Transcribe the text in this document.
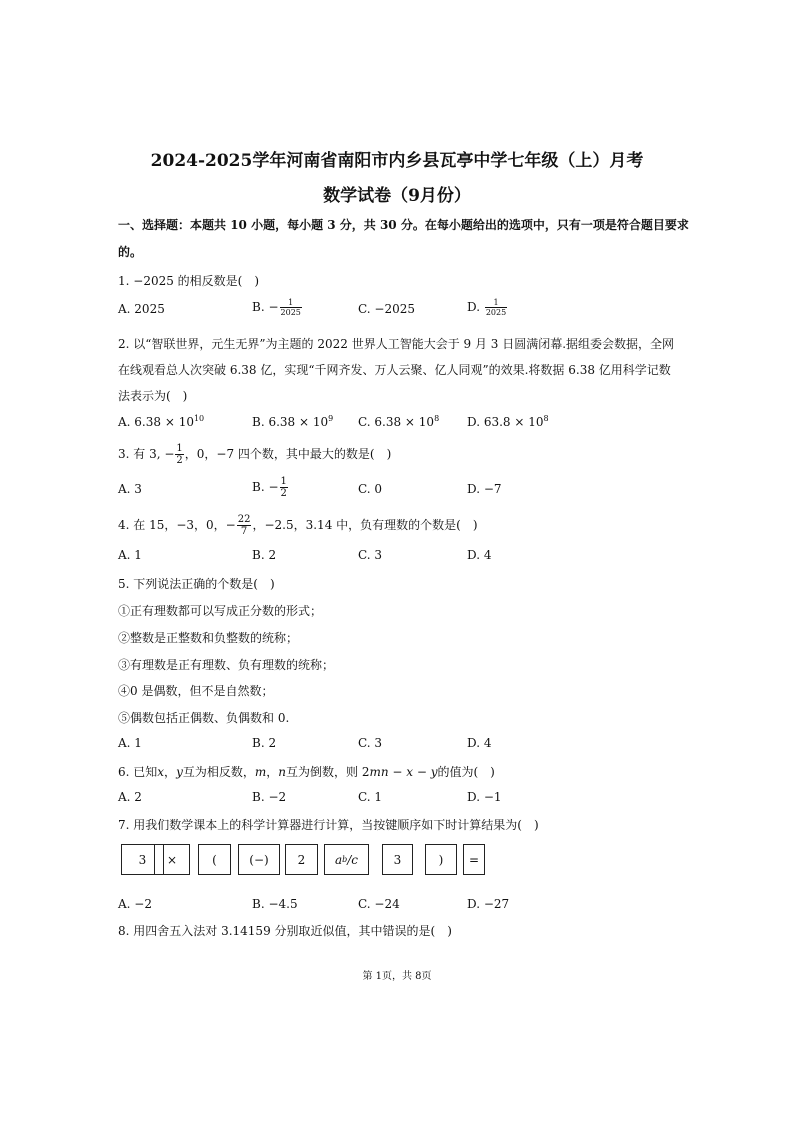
2024-2025学年河南省南阳市内乡县瓦亭中学七年级（上）月考
数学试卷（9月份）
一、选择题：本题共 10 小题，每小题 3 分，共 30 分。在每小题给出的选项中，只有一项是符合题目要求
的。
1. −2025 的相反数是(　)
A. 2025	B. − $\frac{1}{2025}$	C. −2025	D. $\frac{1}{2025}$
2. 以“智联世界，元生无界”为主题的 2022 世界人工智能大会于 9 月 3 日圆满闭幕.据组委会数据，全网
在线观看总人次突破 6.38 亿，实现“千网齐发、万人云聚、亿人同观”的效果.将数据 6.38 亿用科学记数
法表示为(　)
A. $6.38 \times 10^{10}$	B. $6.38 \times 10^9$ C. $6.38 \times 10^8$ D. $63.8 \times 10^8$
3. 有 3, − $\frac{1}{2}$ ，0，−7 四个数，其中最大的数是(　)
A. 3	B. − $\frac{1}{2}$	C. 0	D. −7
4. 在 15，−3，0，− $\frac{22}{7}$ ，−2.5，3.14 中，负有理数的个数是(　)
A. 1	B. 2	C. 3	D. 4
5. 下列说法正确的个数是(　)
①正有理数都可以写成正分数的形式；
②整数是正整数和负整数的统称；
③有理数是正有理数、负有理数的统称；
④0 是偶数，但不是自然数；
⑤偶数包括正偶数、负偶数和 0.
A. 1	B. 2	C. 3	D. 4
6. 已知x，y互为相反数，m，n互为倒数，则 2mn − x − y的值为(　)
A. 2	B. −2	C. 1	D. −1
7. 用我们数学课本上的科学计算器进行计算，当按键顺序如下时计算结果为(　)
3 ×	(	(−) 2 a b /c	3	) =
A. −2	B. −4.5	C. −24	D. −27
8. 用四舍五入法对 3.14159 分别取近似值，其中错误的是(　)
第 1页，共 8页
